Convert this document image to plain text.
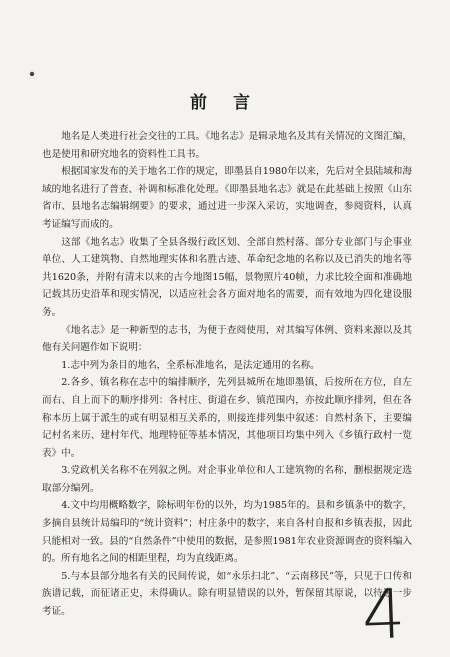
前 言

地名是人类进行社会交往的工具。《地名志》是辑录地名及其有关情况的文图汇编，也是使用和研究地名的资料性工具书。

根据国家发布的关于地名工作的规定，即墨县自1980年以来，先后对全县陆域和海域的地名进行了普查、补调和标准化处理。《即墨县地名志》就是在此基础上按照《山东省市、县地名志编辑纲要》的要求，通过进一步深入采访，实地调查，参阅资料，认真考证编写而成的。

这部《地名志》收集了全县各级行政区划、全部自然村落、部分专业部门与企事业单位、人工建筑物、自然地理实体和名胜古迹、革命纪念地的名称以及已消失的地名等共1620条，并附有清末以来的古今地图15幅，景物照片40帧，力求比较全面和准确地记载其历史沿革和现实情况，以适应社会各方面对地名的需要，而有效地为四化建设服务。

《地名志》是一种新型的志书，为便于查阅使用，对其编写体例、资料来源以及其他有关问题作如下说明：

1.志中列为条目的地名，全系标准地名，是法定通用的名称。

2.各乡、镇名称在志中的编排顺序，先列县城所在地即墨镇，后按所在方位，自左而右、自上而下的顺序排列：各村庄、街道在乡、镇范围内，亦按此顺序排列，但在各称本历上属于派生的或有明显相互关系的，则接连排列集中叙述：自然村条下，主要编记村名来历、建村年代、地理特征等基本情况，其他项目均集中列入《乡镇行政村一览表》中。

3.党政机关名称不在列叙之例。对企事业单位和人工建筑物的名称，删根据规定选取部分编列。

4.文中均用概略数字，除标明年份的以外，均为1985年的。县和乡镇条中的数字，多摘自县统计局编印的“统计资料”；村庄条中的数字，来自各村自报和乡镇表报，因此只能相对一致。县的“自然条件”中使用的数据，是参照1981年农业资源调查的资料编入的。所有地名之间的相距里程，均为直线距离。

5.与本县部分地名有关的民间传说，如“永乐扫北”、“云南移民”等，只见于口传和族谱记载，而征诸正史，未得确认。除有明显错误的以外，暂保留其原说，以待进一步考证。	4
